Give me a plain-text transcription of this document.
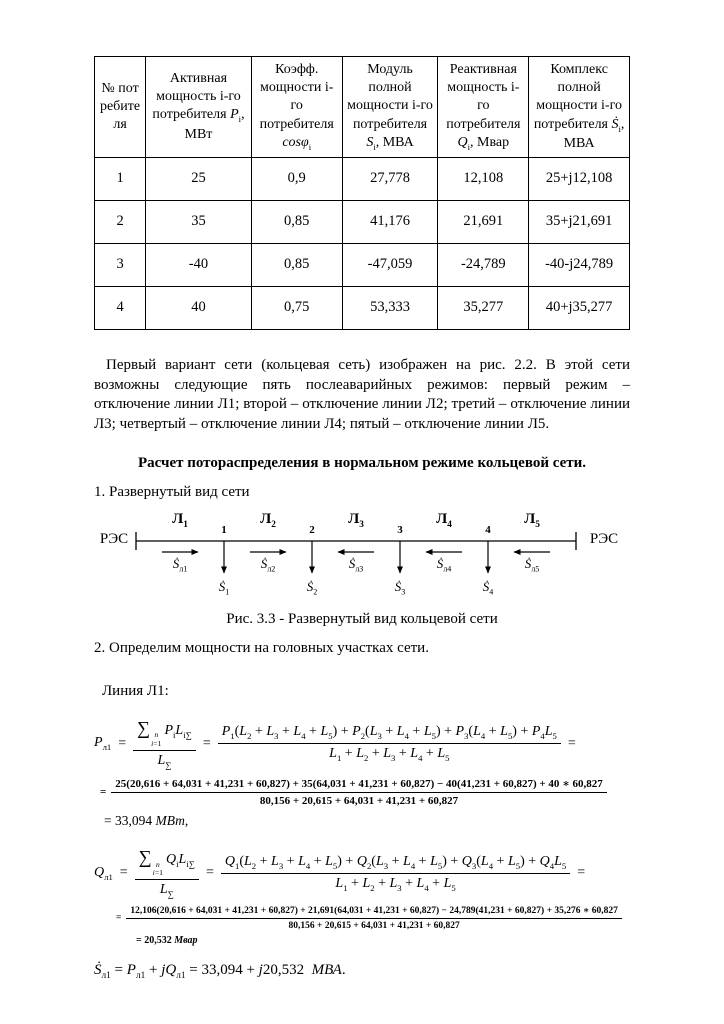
№ потребителя	Активная мощность i-го потребителя $P_i$, МВт	Коэфф. мощности i-го потребителя cosφ$_i$	Модуль полной мощности i-го потребителя $S_i$, МВА	Реактивная мощность i-го потребителя $Q_i$, Мвар	Комплекс полной мощности i-го потребителя $Ṡ_i$, МВА
1	25	0,9	27,778	12,108	25+j12,108
2	35	0,85	41,176	21,691	35+j21,691
3	-40	0,85	-47,059	-24,789	-40-j24,789
4	40	0,75	53,333	35,277	40+j35,277

Первый вариант сети (кольцевая сеть) изображен на рис. 2.2. В этой сети возможны следующие пять послеаварийных режимов: первый режим – отключение линии Л1; второй – отключение линии Л2; третий – отключение линии Л3; четвертый – отключение линии Л4; пятый – отключение линии Л5.

Расчет потораспределения в нормальном режиме кольцевой сети.

1. Развернутый вид сети

РЭС	РЭС
$Л_1$	$Л_2$	$Л_3$	$Л_4$	$Л_5$
1	2	3	4
$Ṡ_{л1}$	$Ṡ_{л2}$	$Ṡ_{л3}$	$Ṡ_{л4}$	$Ṡ_{л5}$
$Ṡ_1$	$Ṡ_2$	$Ṡ_3$	$Ṡ_4$

Рис. 3.3 - Развернутый вид кольцевой сети

2. Определим мощности на головных участках сети.

Линия Л1:

$P_{л1}$ = ∑ n
i=1
$P_iL_{i\sum}$
$L_\sum$ =
$P_1(L_2 + L_3 + L_4 + L_5) + P_2(L_3 + L_4 + L_5) + P_3(L_4 + L_5) + P_4L_5$
$L_1 + L_2 + L_3 + L_4 + L_5$
=
=
25(20,616 + 64,031 + 41,231 + 60,827) + 35(64,031 + 41,231 + 60,827) − 40(41,231 + 60,827) + 40 ∗ 60,827
80,156 + 20,615 + 64,031 + 41,231 + 60,827
= 33,094 МВт,
$Q_{л1}$ = ∑ n
i=1
$Q_iL_{i\sum}$
$L_\sum$ =
$Q_1(L_2 + L_3 + L_4 + L_5) + Q_2(L_3 + L_4 + L_5) + Q_3(L_4 + L_5) + Q_4L_5$
$L_1 + L_2 + L_3 + L_4 + L_5$
=
=
12,106(20,616 + 64,031 + 41,231 + 60,827) + 21,691(64,031 + 41,231 + 60,827) − 24,789(41,231 + 60,827) + 35,276 ∗ 60,827
80,156 + 20,615 + 64,031 + 41,231 + 60,827
= 20,532 Мвар
$Ṡ_{л1} = P_{л1} + jQ_{л1} = 33,094 + j20,532$  МВА.
